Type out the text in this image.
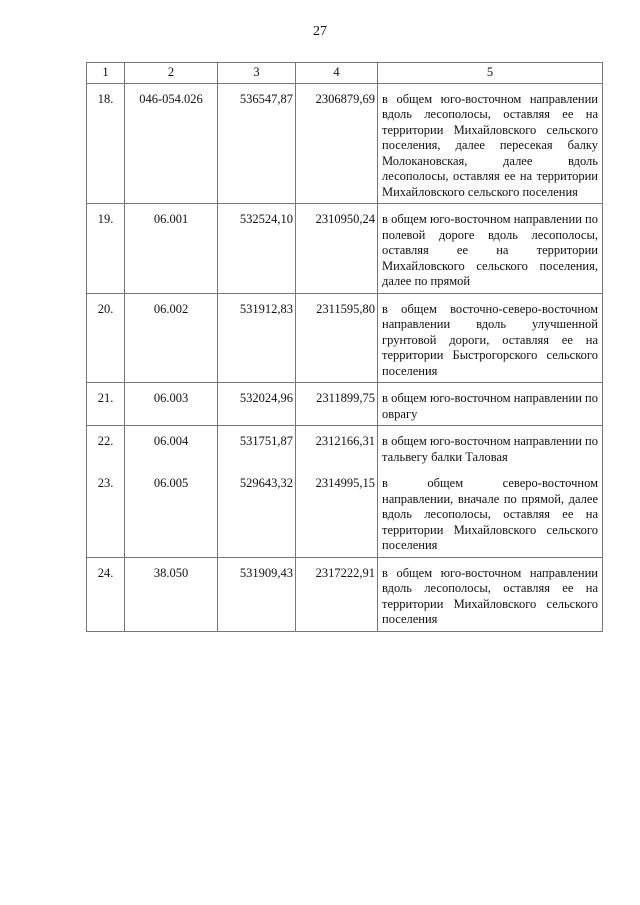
27
1	2	3	4	5
18.	046-054.026	536547,87	2306879,69	в общем юго-восточном направлении вдоль лесополосы, оставляя ее на территории Михайловского сельского поселения, далее пересекая балку Молокановская, далее вдоль лесополосы, оставляя ее на территории Михайловского сельского поселения
19.	06.001	532524,10	2310950,24	в общем юго-восточном направлении по полевой дороге вдоль лесополосы, оставляя ее на территории Михайловского сельского поселения, далее по прямой
20.	06.002	531912,83	2311595,80	в общем восточно-северо-восточном направлении вдоль улучшенной грунтовой дороги, оставляя ее на территории Быстрогорского сельского поселения
21.	06.003	532024,96	2311899,75	в общем юго-восточном направлении по оврагу
22.	06.004	531751,87	2312166,31	в общем юго-восточном направлении по тальвегу балки Таловая
23.	06.005	529643,32	2314995,15	в общем северо-восточном направлении, вначале по прямой, далее вдоль лесополосы, оставляя ее на территории Михайловского сельского поселения
24.	38.050	531909,43	2317222,91	в общем юго-восточном направлении вдоль лесополосы, оставляя ее на территории Михайловского сельского поселения
